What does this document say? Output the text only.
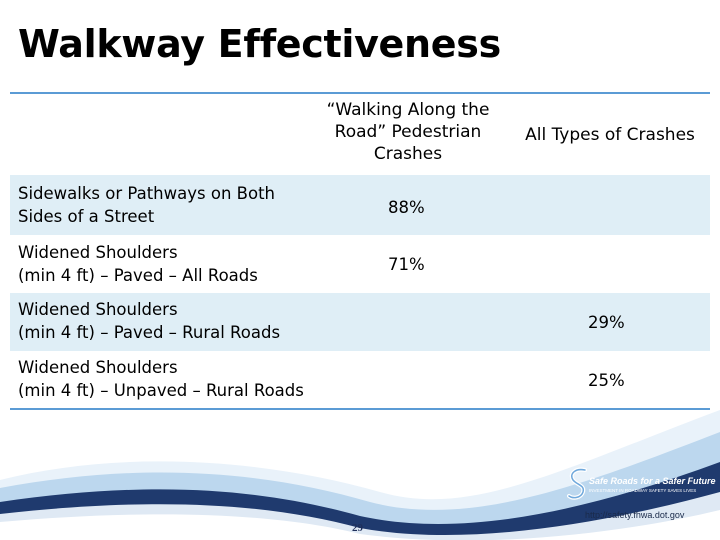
Walkway Effectiveness
“Walking Along the Road” Pedestrian Crashes
All Types of Crashes
Sidewalks or Pathways on Both
Sides of a Street	88%
Widened Shoulders
(min 4 ft) – Paved – All Roads
71%
Widened Shoulders
(min 4 ft) – Paved – Rural Roads
29%
Widened Shoulders
(min 4 ft) – Unpaved – Rural Roads
25%
Safe Roads for a Safer Future
INVESTMENT IN ROADWAY SAFETY SAVES LIVES
http://safety.fhwa.dot.gov
29
